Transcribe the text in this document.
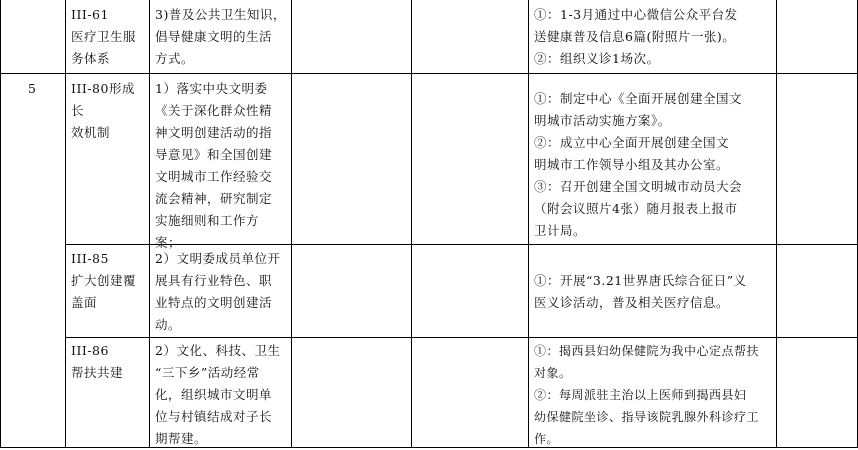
III-61
医疗卫生服
务体系
3)普及公共卫生知识，
倡导健康文明的生活
方式。
①：1-3月通过中心微信公众平台发
送健康普及信息6篇(附照片一张)。
②：组织义诊1场次。
5	III-80形成长
效机制
1）落实中央文明委
《关于深化群众性精
神文明创建活动的指
导意见》和全国创建
文明城市工作经验交
流会精神，研究制定
实施细则和工作方
案；
①：制定中心《全面开展创建全国文
明城市活动实施方案》。
②：成立中心全面开展创建全国文
明城市工作领导小组及其办公室。
③：召开创建全国文明城市动员大会
（附会议照片4张）随月报表上报市
卫计局。
III-85
扩大创建覆
盖面
2）文明委成员单位开
展具有行业特色、职
业特点的文明创建活
动。
①：开展“3.21世界唐氏综合征日”义
医义诊活动，普及相关医疗信息。
III-86
帮扶共建
2）文化、科技、卫生
“三下乡”活动经常
化，组织城市文明单
位与村镇结成对子长
期帮建。
①：揭西县妇幼保健院为我中心定点帮扶
对象。
②：每周派驻主治以上医师到揭西县妇
幼保健院坐诊、指导该院乳腺外科诊疗工
作。
